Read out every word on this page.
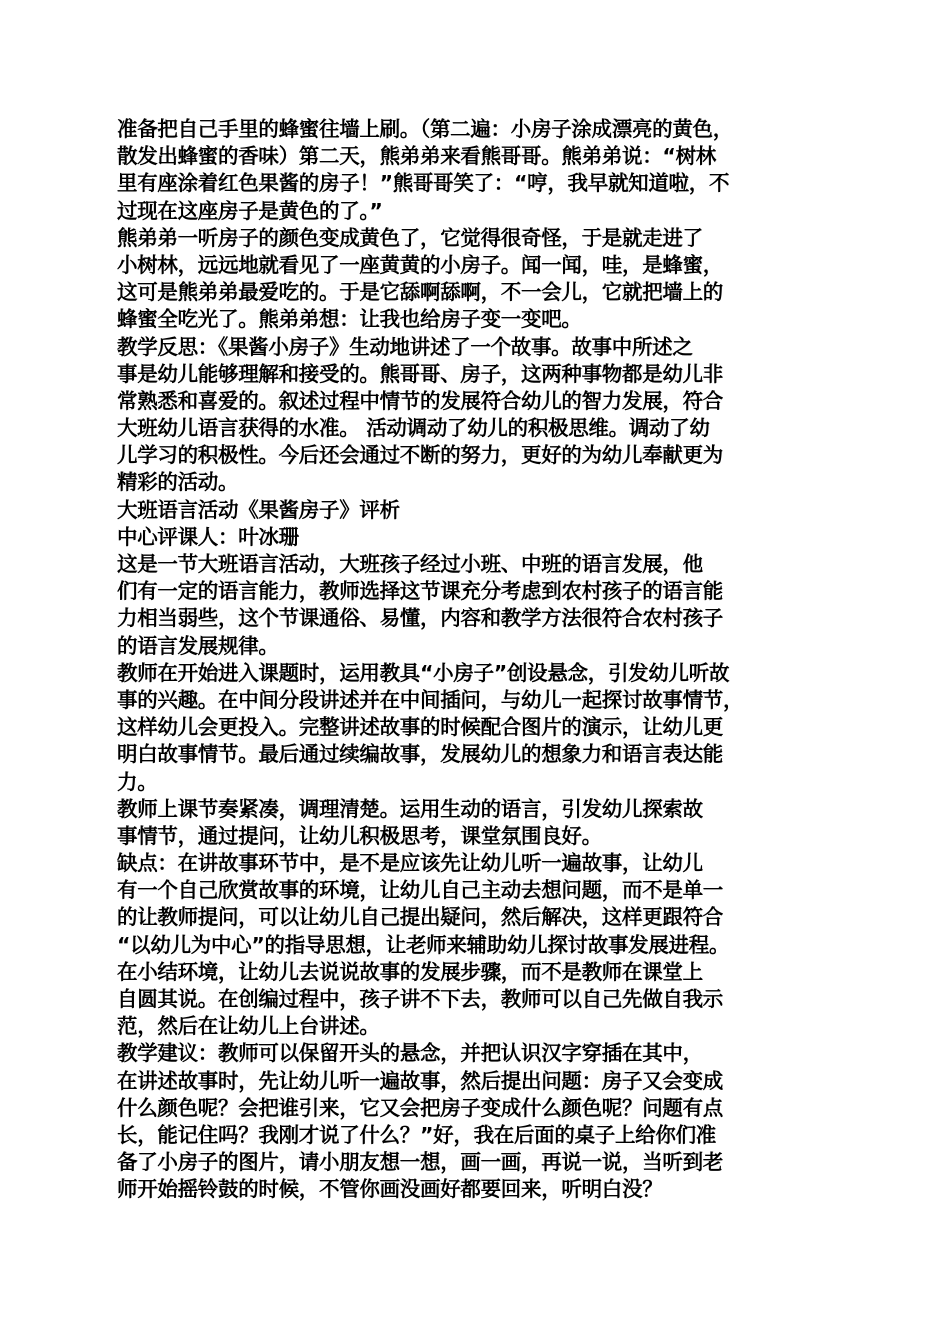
准备把自己手里的蜂蜜往墙上刷。（第二遍：小房子涂成漂亮的黄色，
散发出蜂蜜的香味）第二天，熊弟弟来看熊哥哥。熊弟弟说：“树林
里有座涂着红色果酱的房子！”熊哥哥笑了：“哼，我早就知道啦，不
过现在这座房子是黄色的了。”
熊弟弟一听房子的颜色变成黄色了，它觉得很奇怪，于是就走进了
小树林，远远地就看见了一座黄黄的小房子。闻一闻，哇，是蜂蜜，
这可是熊弟弟最爱吃的。于是它舔啊舔啊，不一会儿，它就把墙上的
蜂蜜全吃光了。熊弟弟想：让我也给房子变一变吧。
教学反思：《果酱小房子》生动地讲述了一个故事。故事中所述之
事是幼儿能够理解和接受的。熊哥哥、房子，这两种事物都是幼儿非
常熟悉和喜爱的。叙述过程中情节的发展符合幼儿的智力发展，符合
大班幼儿语言获得的水准。 活动调动了幼儿的积极思维。调动了幼
儿学习的积极性。今后还会通过不断的努力，更好的为幼儿奉献更为
精彩的活动。
大班语言活动《果酱房子》评析
中心评课人：叶冰珊
这是一节大班语言活动，大班孩子经过小班、中班的语言发展，他
们有一定的语言能力，教师选择这节课充分考虑到农村孩子的语言能
力相当弱些，这个节课通俗、易懂，内容和教学方法很符合农村孩子
的语言发展规律。
教师在开始进入课题时，运用教具“小房子”创设悬念，引发幼儿听故
事的兴趣。在中间分段讲述并在中间插问，与幼儿一起探讨故事情节，
这样幼儿会更投入。完整讲述故事的时候配合图片的演示，让幼儿更
明白故事情节。最后通过续编故事，发展幼儿的想象力和语言表达能
力。
教师上课节奏紧凑，调理清楚。运用生动的语言，引发幼儿探索故
事情节，通过提问，让幼儿积极思考，课堂氛围良好。
缺点：在讲故事环节中，是不是应该先让幼儿听一遍故事，让幼儿
有一个自己欣赏故事的环境，让幼儿自己主动去想问题，而不是单一
的让教师提问，可以让幼儿自己提出疑问，然后解决，这样更跟符合
“以幼儿为中心”的指导思想，让老师来辅助幼儿探讨故事发展进程。
在小结环境，让幼儿去说说故事的发展步骤，而不是教师在课堂上
自圆其说。在创编过程中，孩子讲不下去，教师可以自己先做自我示
范，然后在让幼儿上台讲述。
教学建议：教师可以保留开头的悬念，并把认识汉字穿插在其中，
在讲述故事时，先让幼儿听一遍故事，然后提出问题：房子又会变成
什么颜色呢？会把谁引来，它又会把房子变成什么颜色呢？问题有点
长，能记住吗？我刚才说了什么？”好，我在后面的桌子上给你们准
备了小房子的图片，请小朋友想一想，画一画，再说一说，当听到老
师开始摇铃鼓的时候，不管你画没画好都要回来，听明白没？
